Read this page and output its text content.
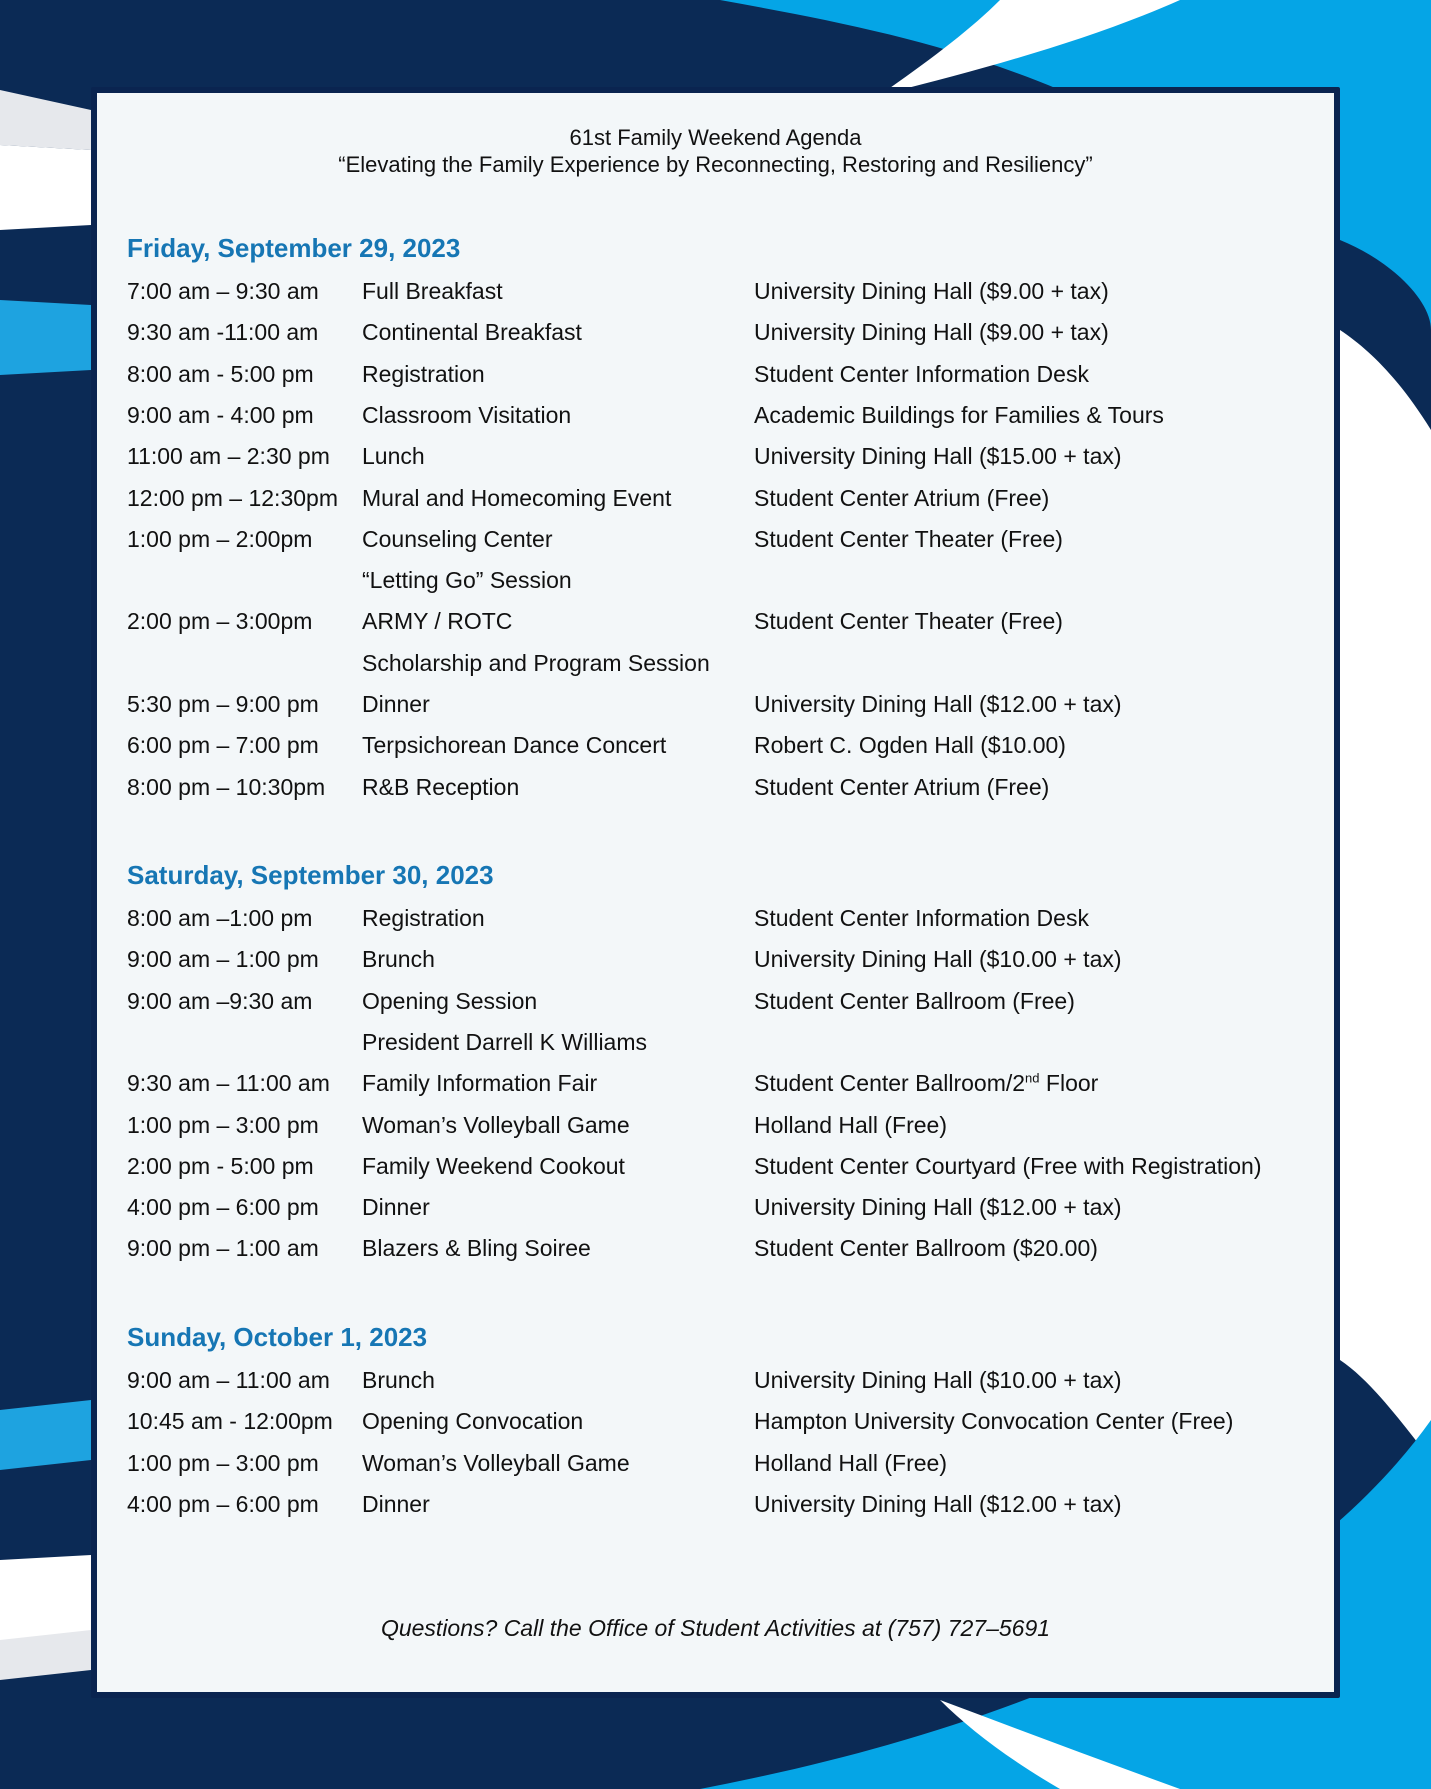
61st Family Weekend Agenda
“Elevating the Family Experience by Reconnecting, Restoring and Resiliency”
Friday, September 29, 2023
7:00 am – 9:30 am Full Breakfast	University Dining Hall ($9.00 + tax)
9:30 am -11:00 am Continental Breakfast	University Dining Hall ($9.00 + tax)
8:00 am - 5:00 pm Registration	Student Center Information Desk
9:00 am - 4:00 pm Classroom Visitation	Academic Buildings for Families & Tours
11:00 am – 2:30 pm Lunch	University Dining Hall ($15.00 + tax)
12:00 pm – 12:30pm Mural and Homecoming Event	Student Center Atrium (Free)
1:00 pm – 2:00pm Counseling Center	Student Center Theater (Free)
“Letting Go” Session
2:00 pm – 3:00pm ARMY / ROTC	Student Center Theater (Free)
Scholarship and Program Session
5:30 pm – 9:00 pm Dinner	University Dining Hall ($12.00 + tax)
6:00 pm – 7:00 pm Terpsichorean Dance Concert	Robert C. Ogden Hall ($10.00)
8:00 pm – 10:30pm R&B Reception	Student Center Atrium (Free)
Saturday, September 30, 2023
8:00 am –1:00 pm Registration	Student Center Information Desk
9:00 am – 1:00 pm Brunch	University Dining Hall ($10.00 + tax)
9:00 am –9:30 am Opening Session	Student Center Ballroom (Free)
President Darrell K Williams
9:30 am – 11:00 am Family Information Fair	Student Center Ballroom/2nd Floor
1:00 pm – 3:00 pm Woman’s Volleyball Game	Holland Hall (Free)
2:00 pm - 5:00 pm Family Weekend Cookout	Student Center Courtyard (Free with Registration)
4:00 pm – 6:00 pm Dinner	University Dining Hall ($12.00 + tax)
9:00 pm – 1:00 am Blazers & Bling Soiree	Student Center Ballroom ($20.00)
Sunday, October 1, 2023
9:00 am – 11:00 am Brunch	University Dining Hall ($10.00 + tax)
10:45 am - 12:00pm Opening Convocation	Hampton University Convocation Center (Free)
1:00 pm – 3:00 pm Woman’s Volleyball Game	Holland Hall (Free)
4:00 pm – 6:00 pm Dinner	University Dining Hall ($12.00 + tax)
Questions? Call the Office of Student Activities at (757) 727–5691
